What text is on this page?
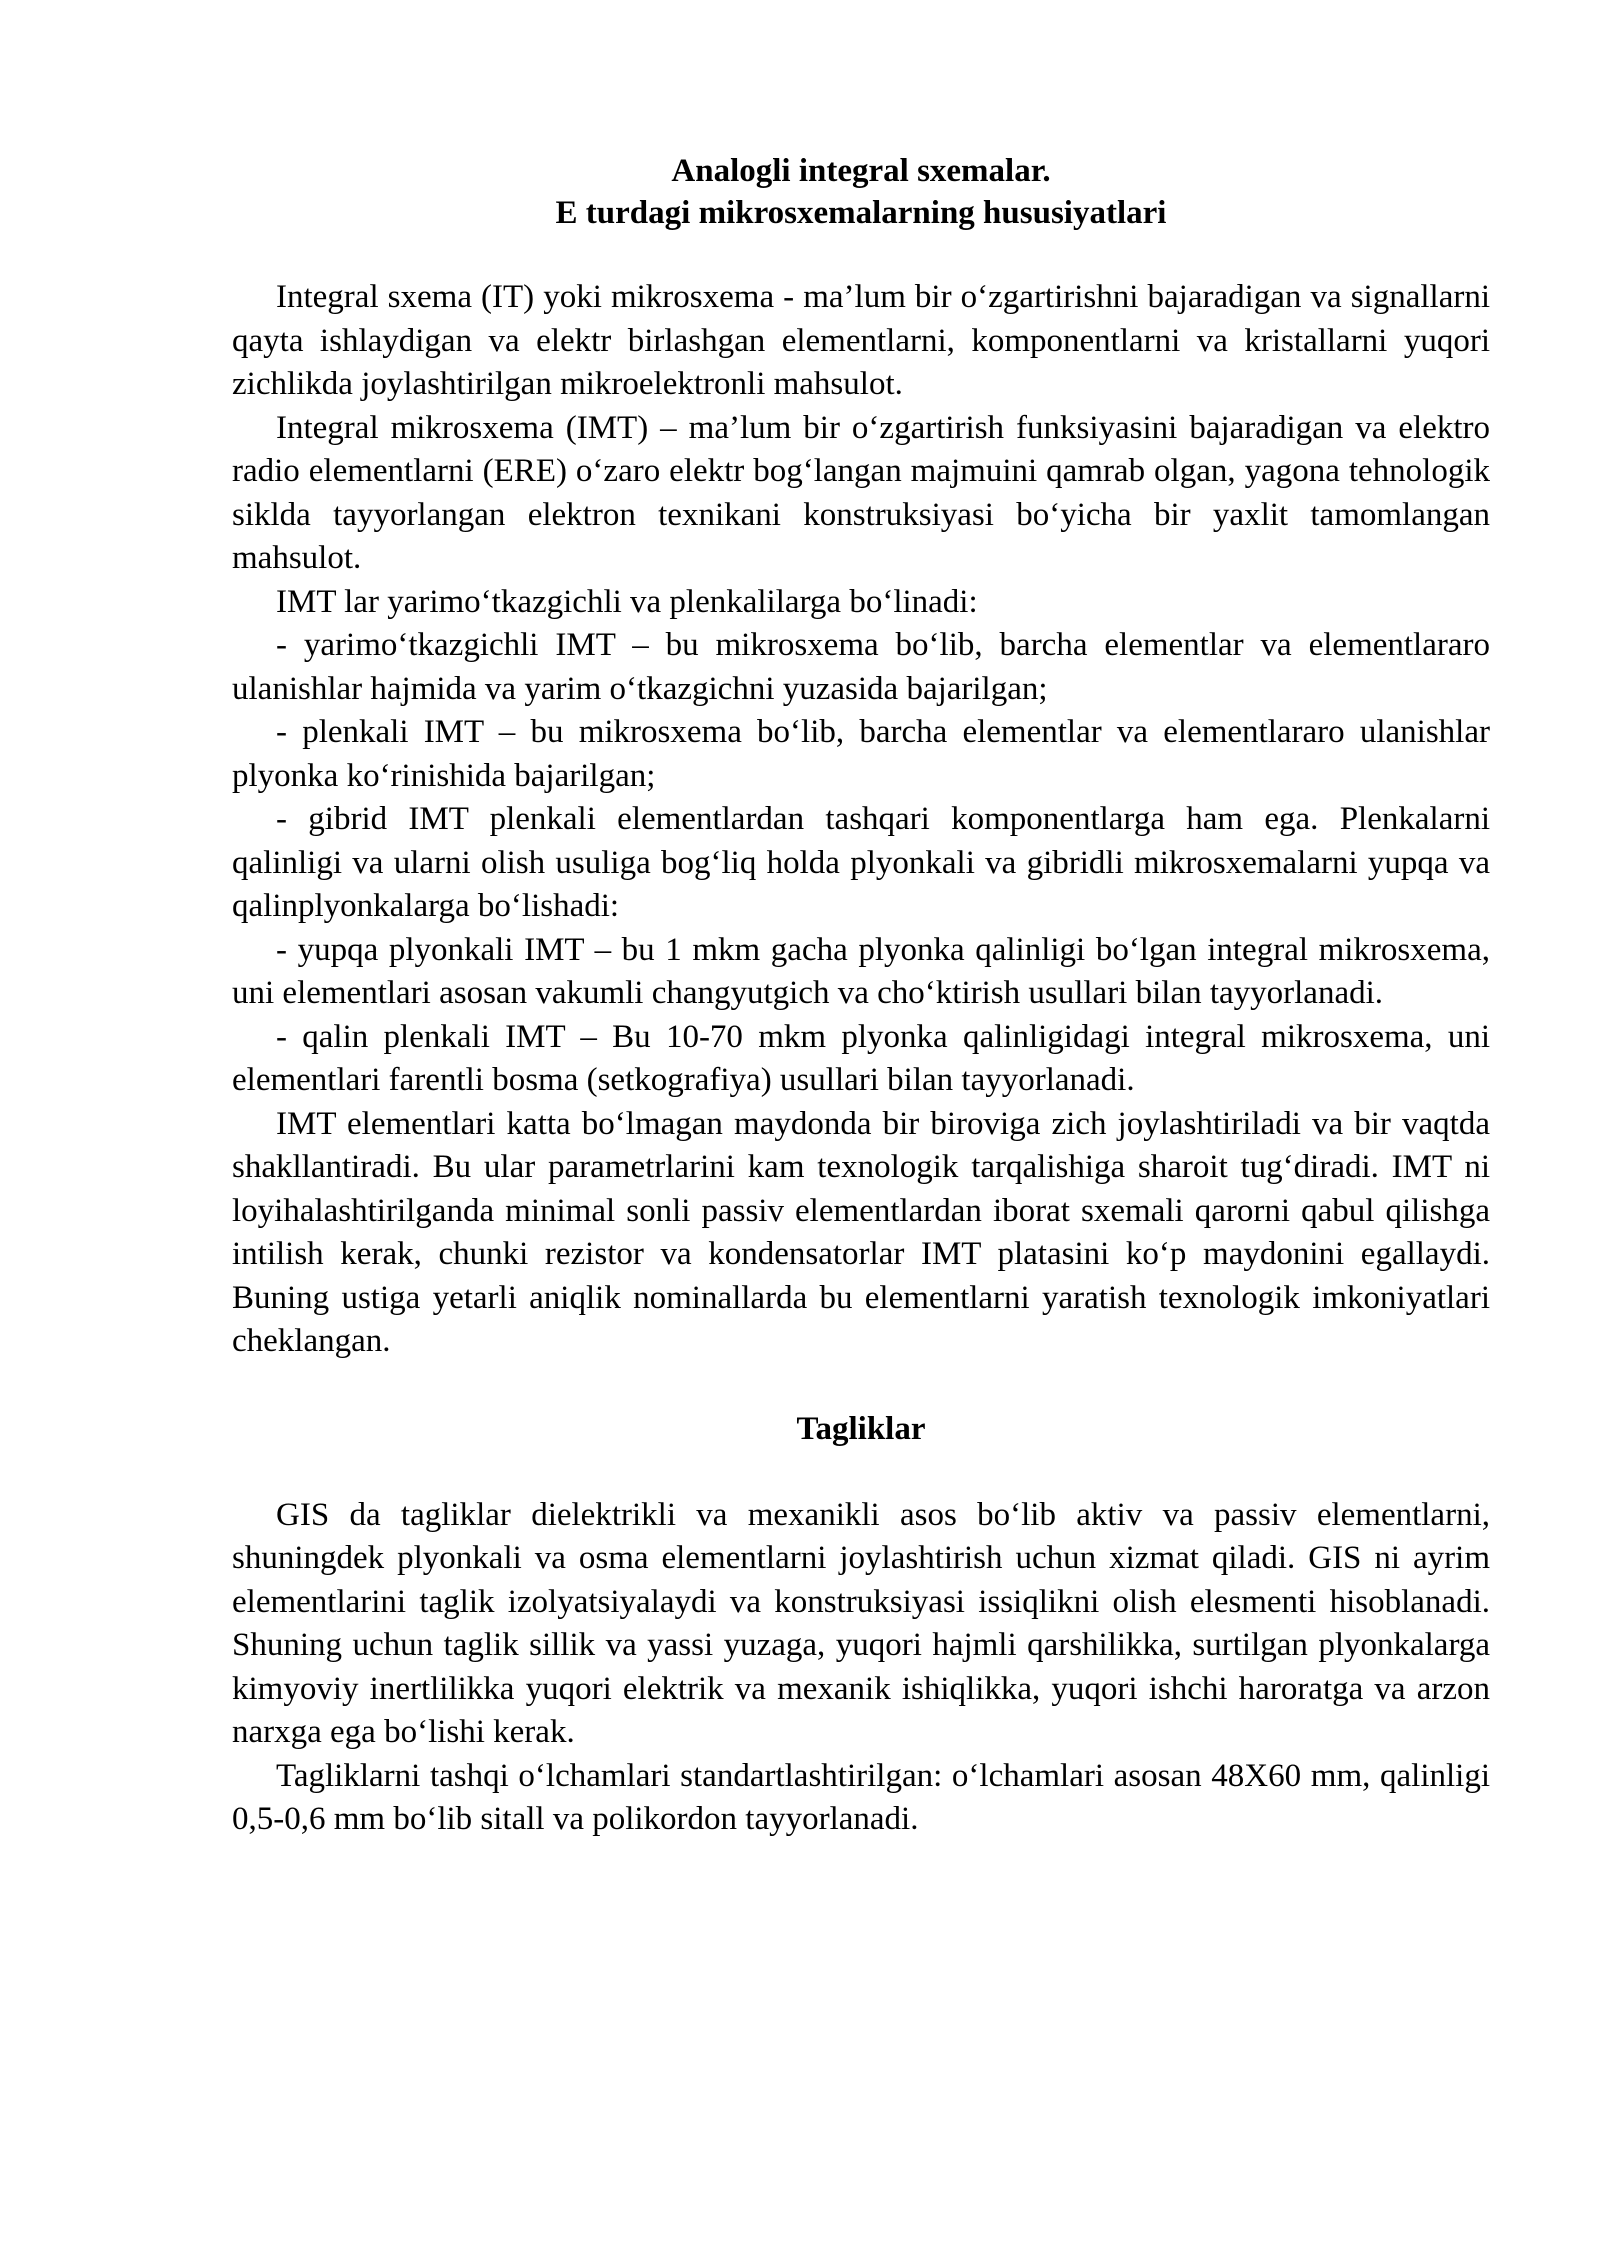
Analogli integral sxemalar.

E turdagi mikrosxemalarning hususiyatlari

Integral sxema (IT) yoki mikrosxema - ma’lum bir o‘zgartirishni bajaradigan va signallarni qayta ishlaydigan va elektr birlashgan elementlarni, komponentlarni va kristallarni yuqori zichlikda joylashtirilgan mikroelektronli mahsulot.

Integral mikrosxema (IMT) – ma’lum bir o‘zgartirish funksiyasini bajaradigan va elektro radio elementlarni (ERE) o‘zaro elektr bog‘langan majmuini qamrab olgan, yagona tehnologik siklda tayyorlangan elektron texnikani konstruksiyasi bo‘yicha bir yaxlit tamomlangan mahsulot.

IMT lar yarimo‘tkazgichli va plenkalilarga bo‘linadi:

- yarimo‘tkazgichli IMT – bu mikrosxema bo‘lib, barcha elementlar va elementlararo ulanishlar hajmida va yarim o‘tkazgichni yuzasida bajarilgan;

- plenkali IMT – bu mikrosxema bo‘lib, barcha elementlar va elementlararo ulanishlar plyonka ko‘rinishida bajarilgan;

- gibrid IMT plenkali elementlardan tashqari komponentlarga ham ega. Plenkalarni qalinligi va ularni olish usuliga bog‘liq holda plyonkali va gibridli mikrosxemalarni yupqa va qalinplyonkalarga bo‘lishadi:

- yupqa plyonkali IMT – bu 1 mkm gacha plyonka qalinligi bo‘lgan integral mikrosxema, uni elementlari asosan vakumli changyutgich va cho‘ktirish usullari bilan tayyorlanadi.

- qalin plenkali IMT – Bu 10-70 mkm plyonka qalinligidagi integral mikrosxema, uni elementlari farentli bosma (setkografiya) usullari bilan tayyorlanadi.

IMT elementlari katta bo‘lmagan maydonda bir biroviga zich joylashtiriladi va bir vaqtda shakllantiradi. Bu ular parametrlarini kam texnologik tarqalishiga sharoit tug‘diradi. IMT ni loyihalashtirilganda minimal sonli passiv elementlardan iborat sxemali qarorni qabul qilishga intilish kerak, chunki rezistor va kondensatorlar IMT platasini ko‘p maydonini egallaydi. Buning ustiga yetarli aniqlik nominallarda bu elementlarni yaratish texnologik imkoniyatlari cheklangan.

Tagliklar

GIS da tagliklar dielektrikli va mexanikli asos bo‘lib aktiv va passiv elementlarni, shuningdek plyonkali va osma elementlarni joylashtirish uchun xizmat qiladi. GIS ni ayrim elementlarini taglik izolyatsiyalaydi va konstruksiyasi issiqlikni olish elesmenti hisoblanadi. Shuning uchun taglik sillik va yassi yuzaga, yuqori hajmli qarshilikka, surtilgan plyonkalarga kimyoviy inertlilikka yuqori elektrik va mexanik ishiqlikka, yuqori ishchi haroratga va arzon narxga ega bo‘lishi kerak.

Tagliklarni tashqi o‘lchamlari standartlashtirilgan: o‘lchamlari asosan 48X60 mm, qalinligi 0,5-0,6 mm bo‘lib sitall va polikordon tayyorlanadi.
